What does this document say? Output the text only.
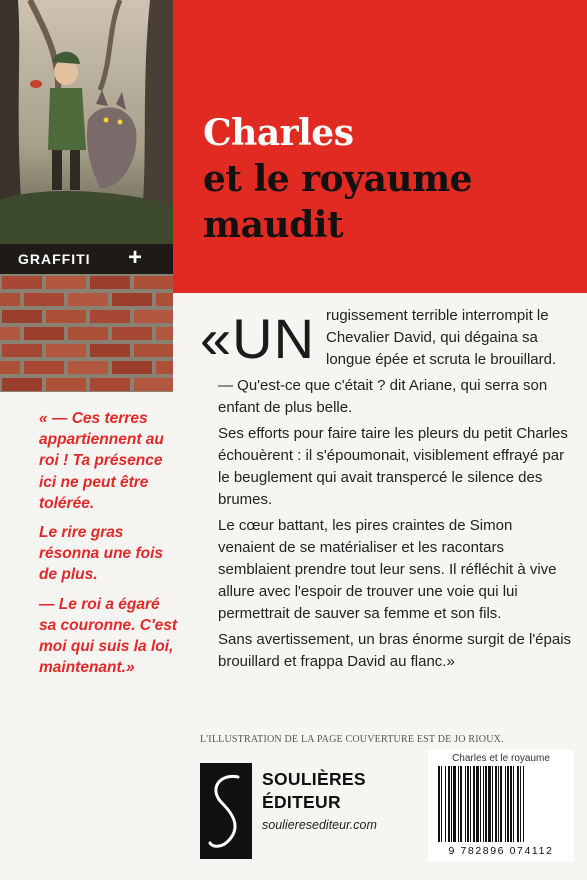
GRAFFITI +
Charles
et le royaume
maudit

« — Ces terres appartiennent au roi ! Ta présence ici ne peut être tolérée.

Le rire gras résonna une fois de plus.

— Le roi a égaré sa couronne. C'est moi qui suis la loi, maintenant.»

«UN rugissement terrible interrompit le Chevalier David, qui dégaina sa longue épée et scruta le brouillard.

— Qu'est-ce que c'était ? dit Ariane, qui serra son enfant de plus belle.

Ses efforts pour faire taire les pleurs du petit Charles échouèrent : il s'époumonait, visiblement effrayé par le beuglement qui avait transpercé le silence des brumes.

Le cœur battant, les pires craintes de Simon venaient de se matérialiser et les racontars semblaient prendre tout leur sens. Il réfléchit à vive allure avec l'espoir de trouver une voie qui lui permettrait de sauver sa femme et son fils.

Sans avertissement, un bras énorme surgit de l'épais brouillard et frappa David au flanc.»

L'ILLUSTRATION DE LA PAGE COUVERTURE EST DE JO RIOUX.
SOULIÈRES
ÉDITEUR
soulieresediteur.com
Charles et le royaume
9 782896 074112
